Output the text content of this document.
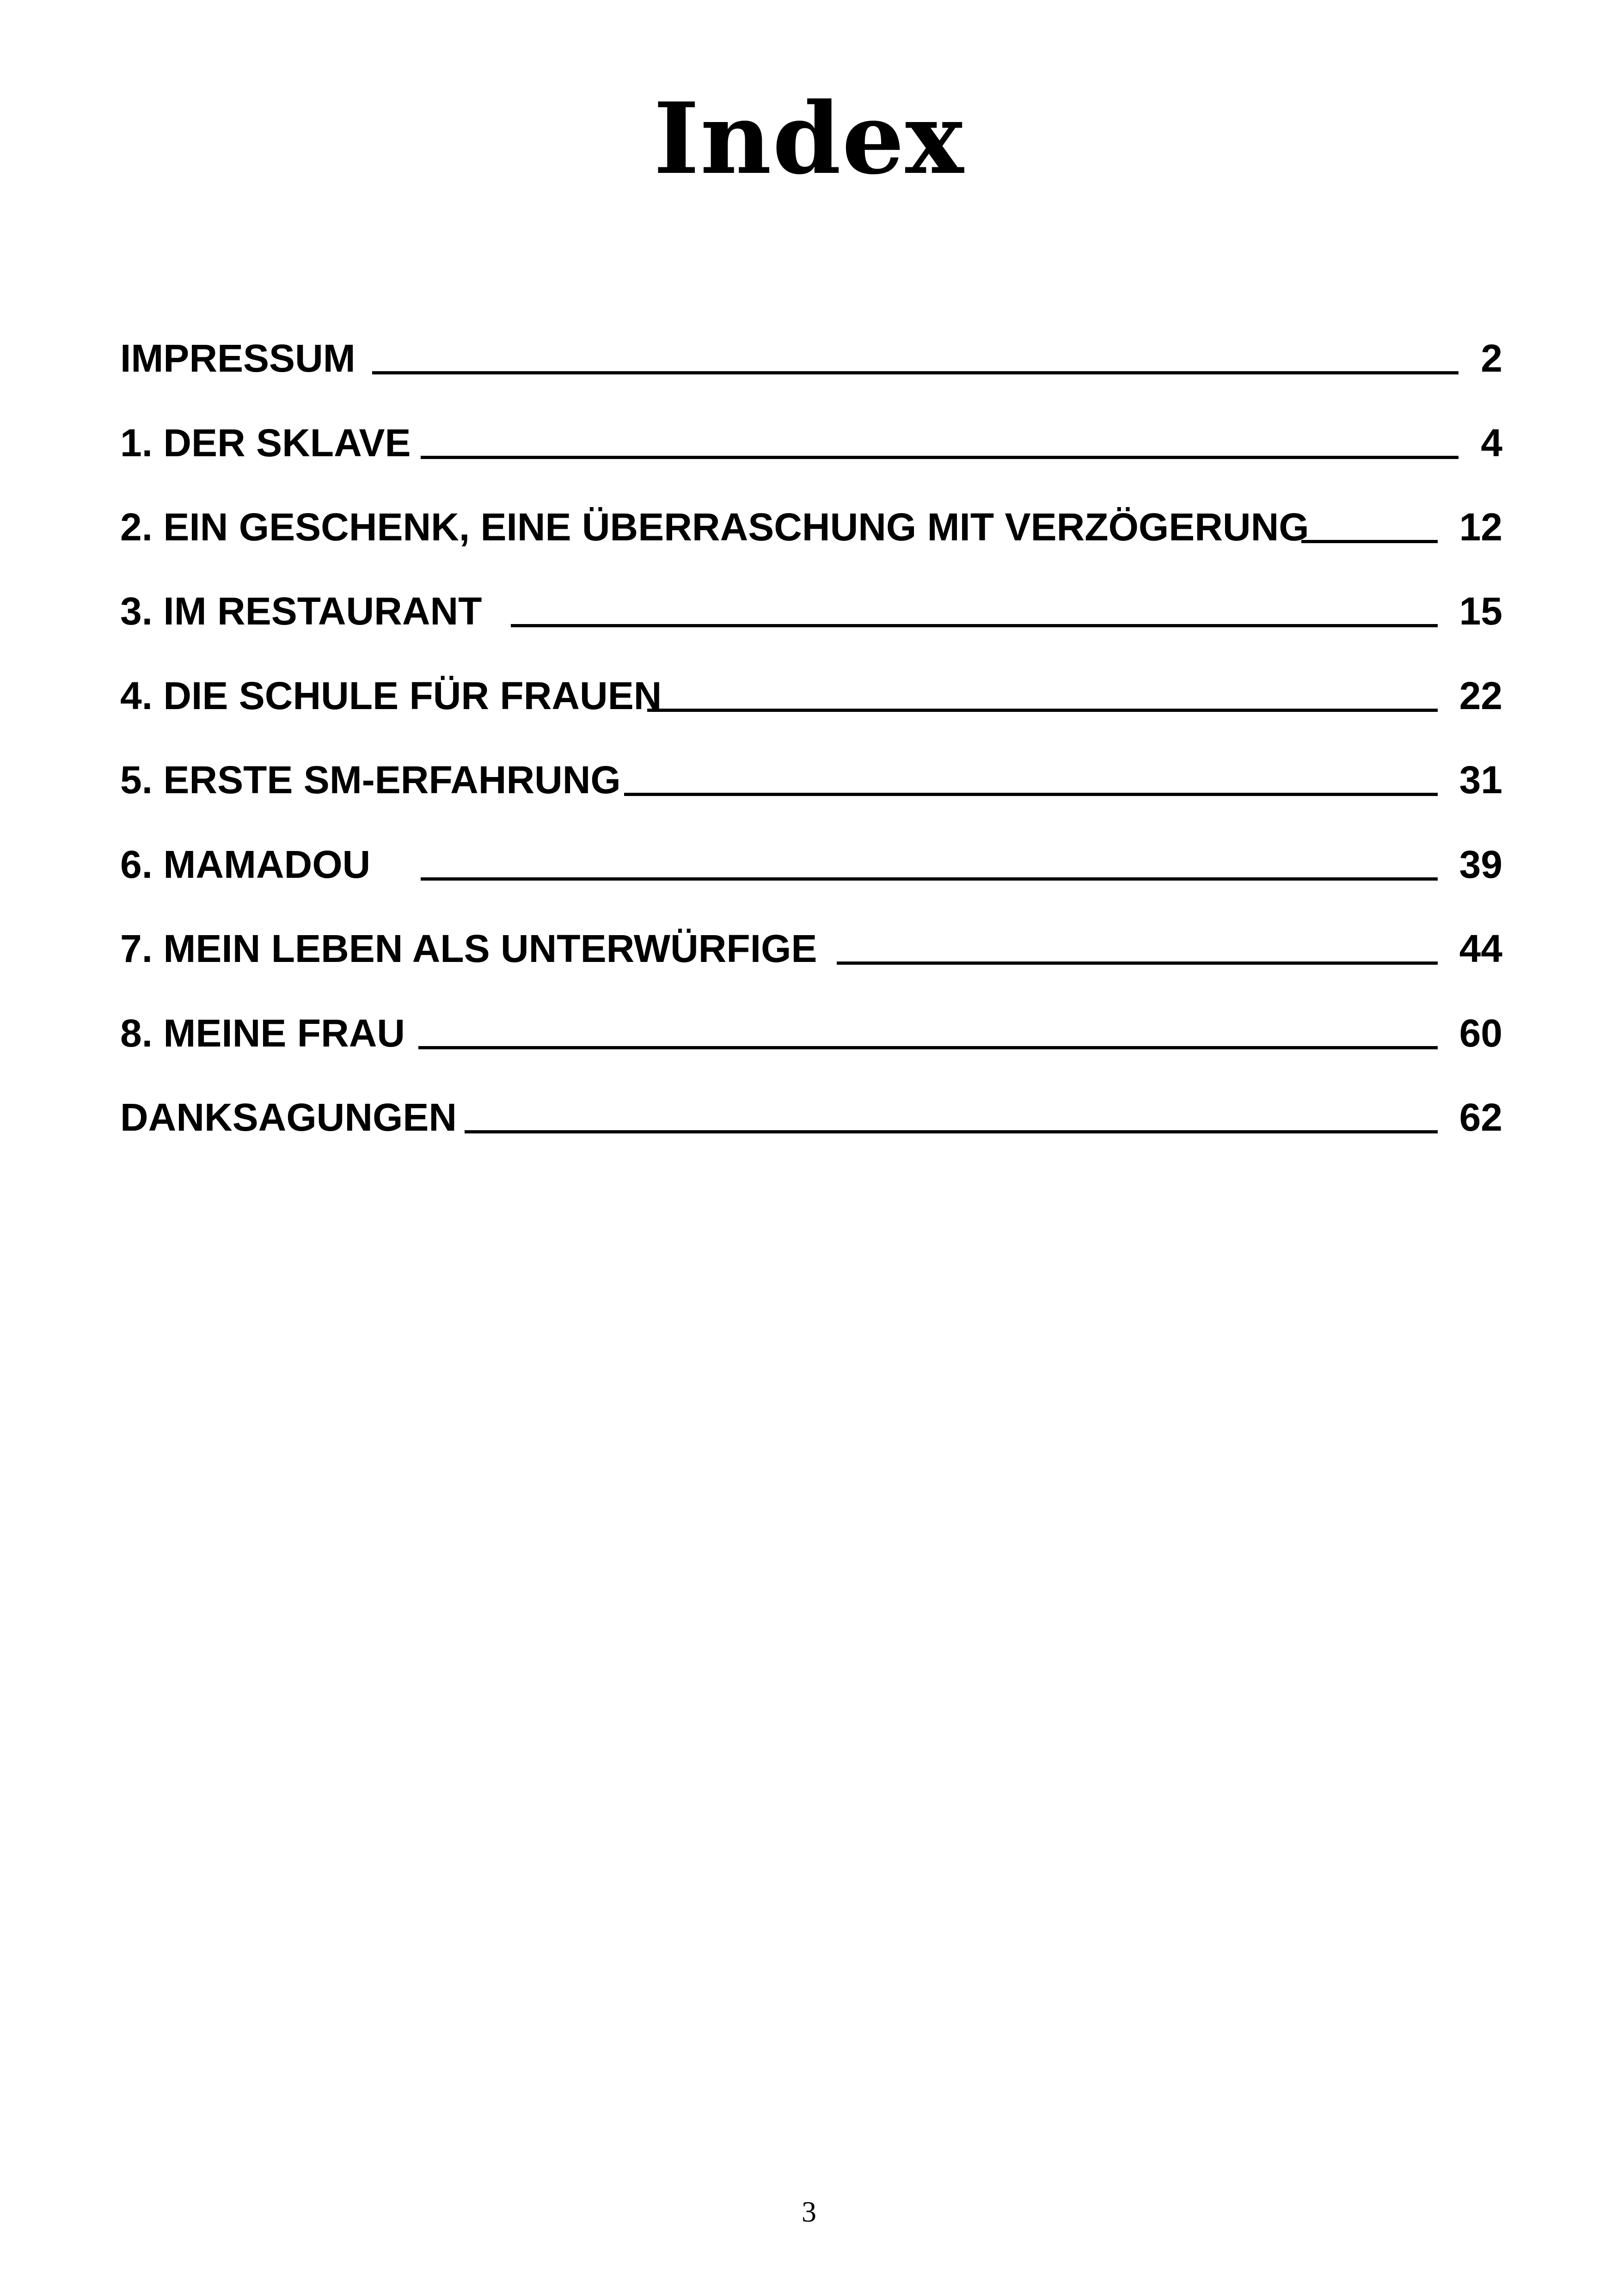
Index
IMPRESSUM	2
1. DER SKLAVE	4
2. EIN GESCHENK, EINE ÜBERRASCHUNG MIT VERZÖGERUNG	12
3. IM RESTAURANT	15
4. DIE SCHULE FÜR FRAUEN	22
5. ERSTE SM-ERFAHRUNG	31
6. MAMADOU	39
7. MEIN LEBEN ALS UNTERWÜRFIGE	44
8. MEINE FRAU	60
DANKSAGUNGEN	62
3
